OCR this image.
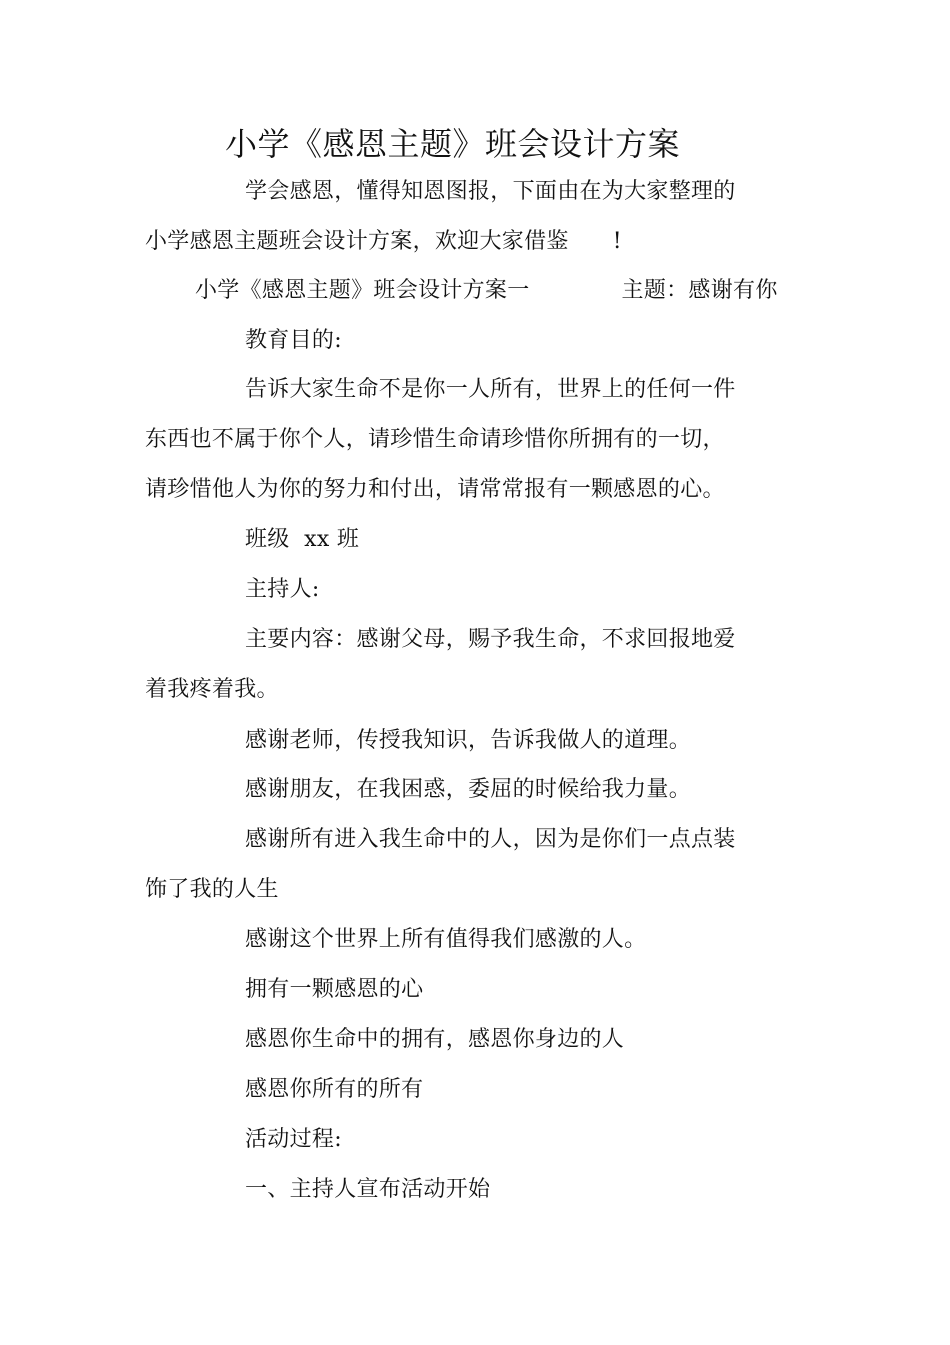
小学《感恩主题》班会设计方案
学会感恩，懂得知恩图报，下面由在为大家整理的
小学感恩主题班会设计方案，欢迎大家借鉴 !
小学《感恩主题》班会设计方案一	主题：感谢有你
教育目的:
告诉大家生命不是你一人所有，世界上的任何一件
东西也不属于你个人，请珍惜生命请珍惜你所拥有的一切，
请珍惜他人为你的努力和付出，请常常报有一颗感恩的心。
班级  xx 班
主持人:
主要内容：感谢父母，赐予我生命，不求回报地爱
着我疼着我。
感谢老师，传授我知识，告诉我做人的道理。
感谢朋友，在我困惑，委屈的时候给我力量。
感谢所有进入我生命中的人，因为是你们一点点装
饰了我的人生
感谢这个世界上所有值得我们感激的人。
拥有一颗感恩的心
感恩你生命中的拥有，感恩你身边的人
感恩你所有的所有
活动过程:
一、主持人宣布活动开始
